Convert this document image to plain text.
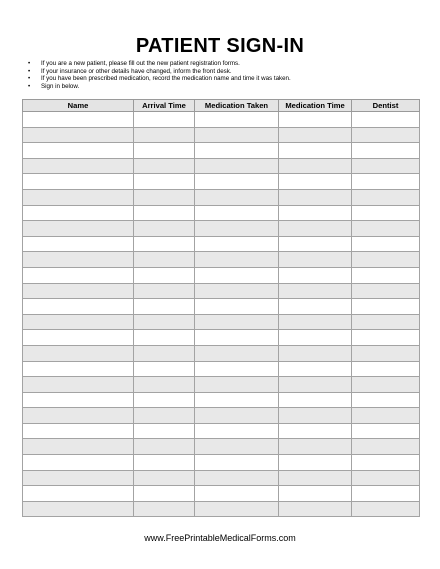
PATIENT SIGN-IN
• If you are a new patient, please fill out the new patient registration forms.
• If your insurance or other details have changed, inform the front desk.
• If you have been prescribed medication, record the medication name and time it was taken.
• Sign in below.
Name	Arrival Time	Medication Taken	Medication Time	Dentist

www.FreePrintableMedicalForms.com
